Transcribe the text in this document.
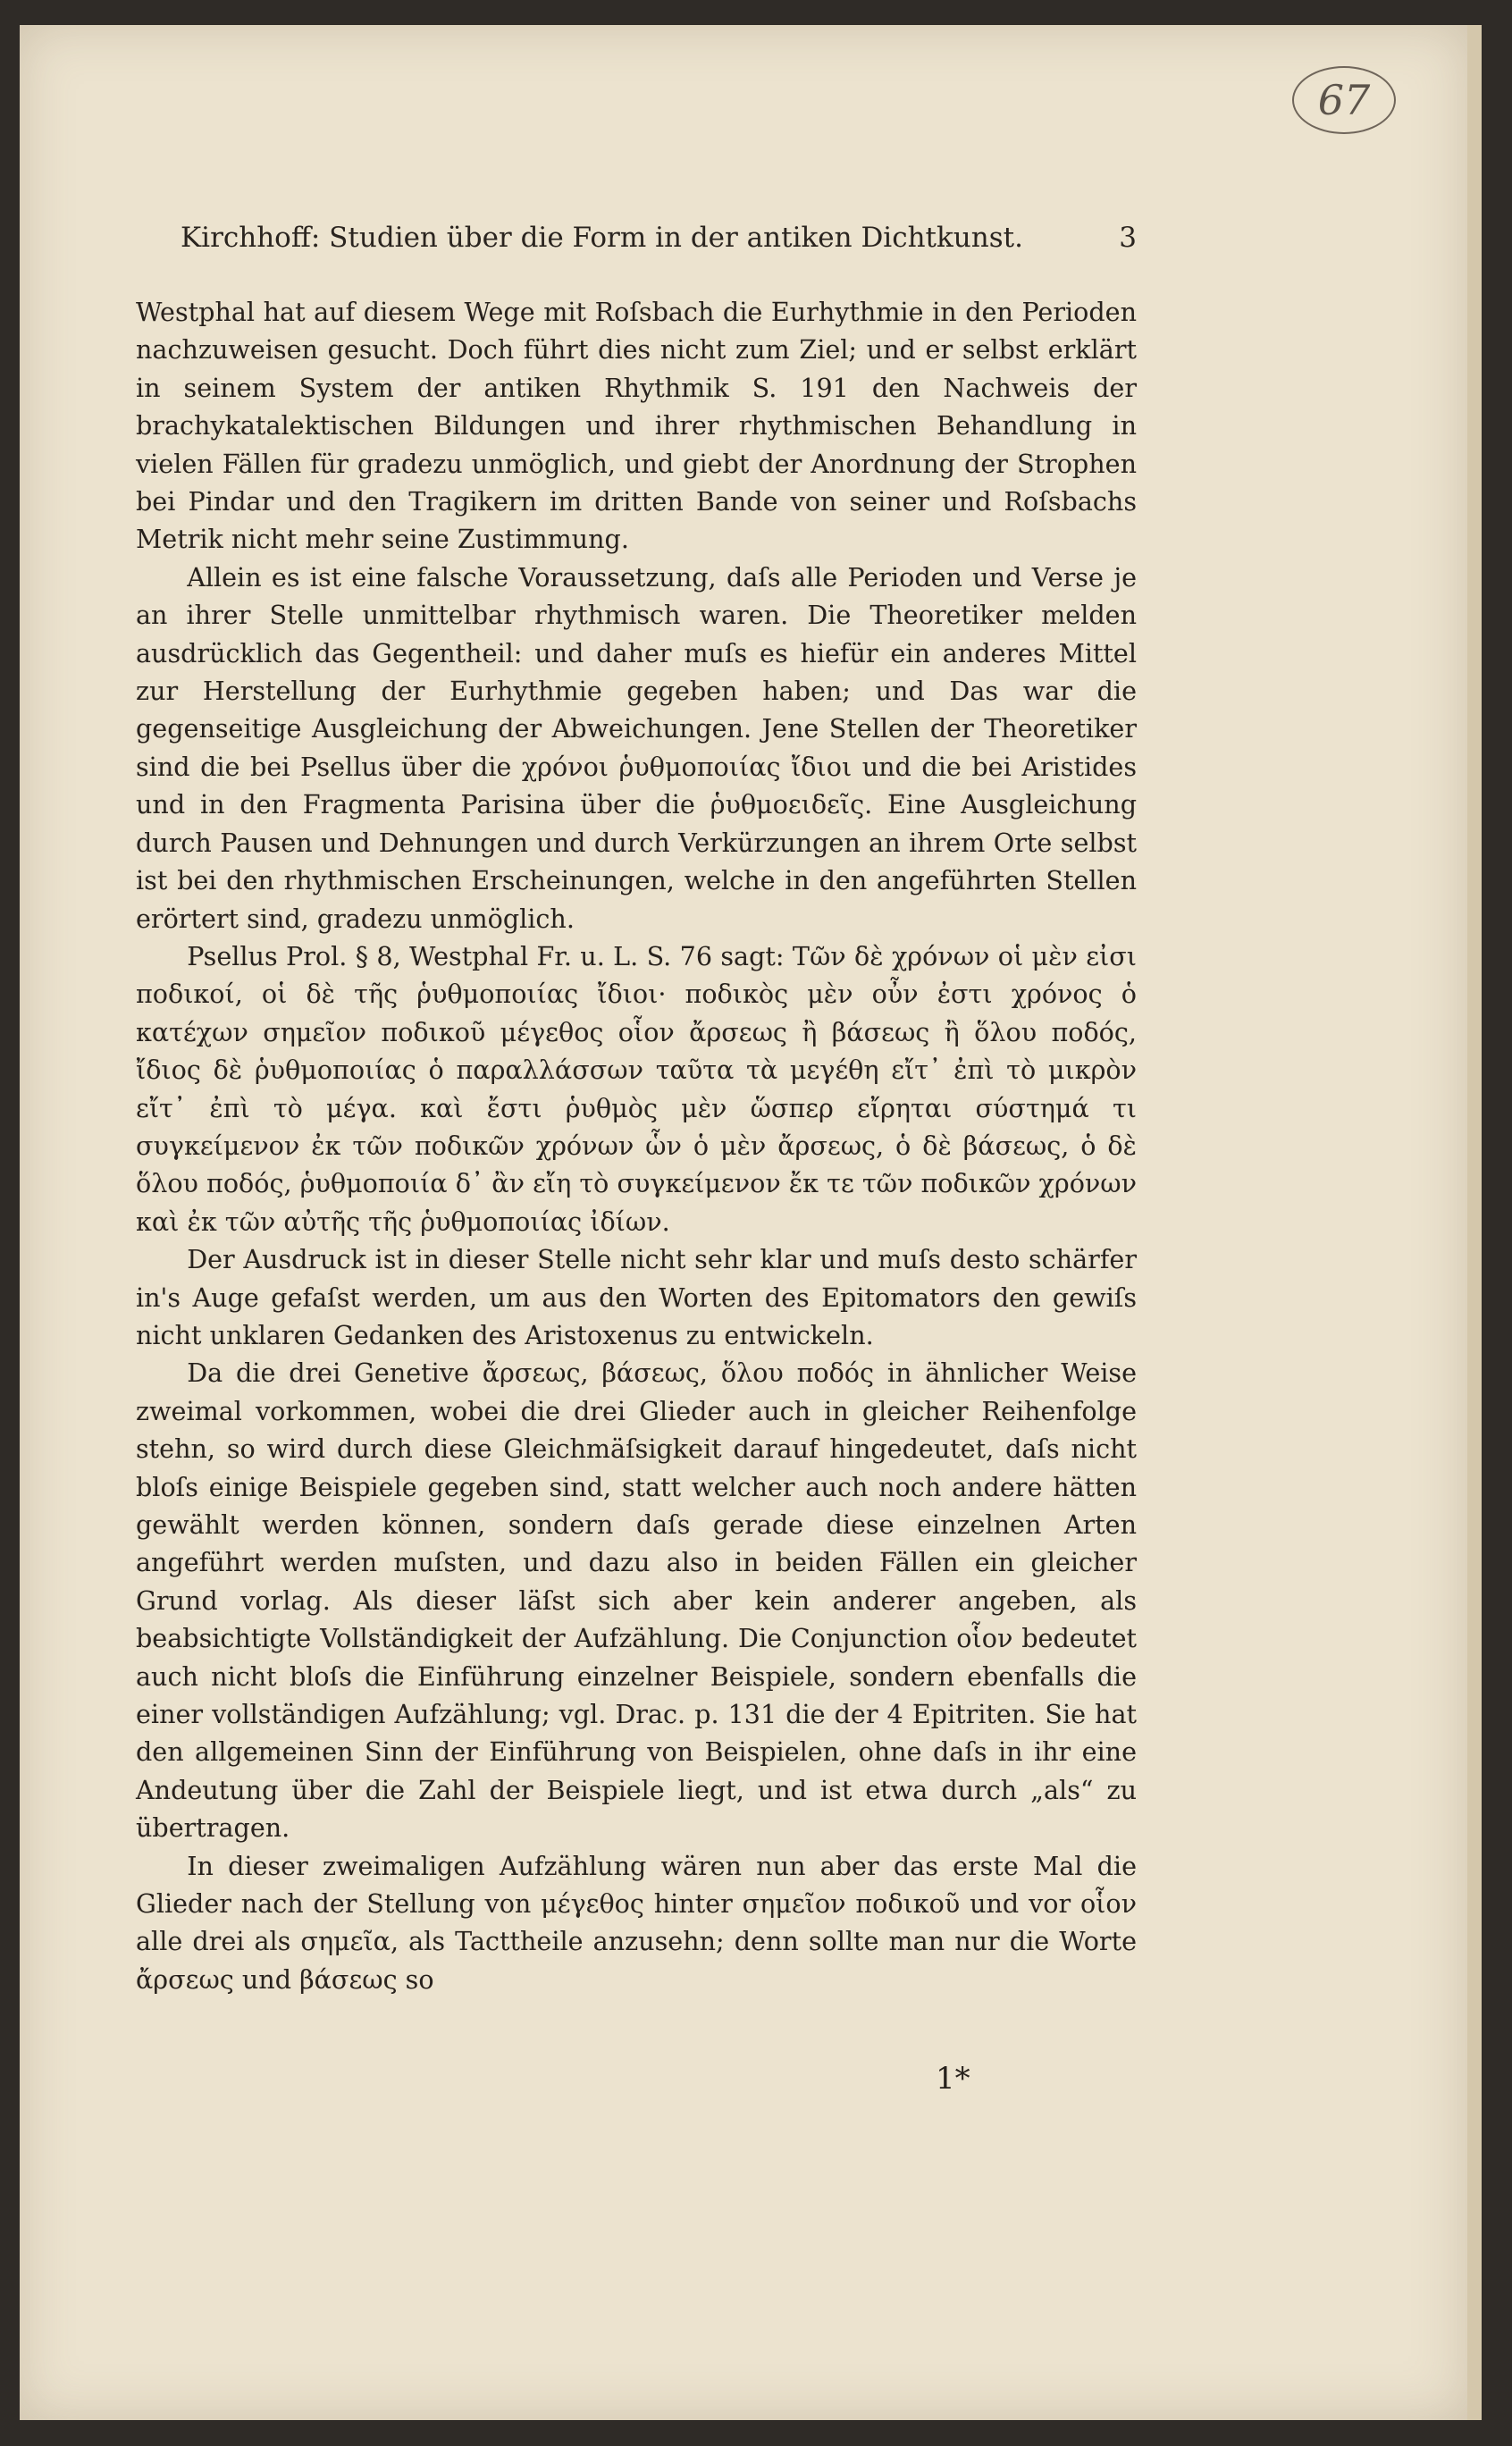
67
Kirchhoff: Studien über die Form in der antiken Dichtkunst.	3

Westphal hat auf diesem Wege mit Roſsbach die Eurhythmie in den Perioden nachzuweisen gesucht. Doch führt dies nicht zum Ziel; und er selbst erklärt in seinem System der antiken Rhythmik S. 191 den Nachweis der brachykatalektischen Bildungen und ihrer rhythmischen Behandlung in vielen Fällen für gradezu unmöglich, und giebt der Anordnung der Strophen bei Pindar und den Tragikern im dritten Bande von seiner und Roſsbachs Metrik nicht mehr seine Zustimmung.

Allein es ist eine falsche Voraussetzung, daſs alle Perioden und Verse je an ihrer Stelle unmittelbar rhythmisch waren. Die Theoretiker melden ausdrücklich das Gegentheil: und daher muſs es hiefür ein anderes Mittel zur Herstellung der Eurhythmie gegeben haben; und Das war die gegenseitige Ausgleichung der Abweichungen. Jene Stellen der Theoretiker sind die bei Psellus über die χρόνοι ῥυθμοποιίας ἴδιοι und die bei Aristides und in den Fragmenta Parisina über die ῥυθμοειδεῖς. Eine Ausgleichung durch Pausen und Dehnungen und durch Verkürzungen an ihrem Orte selbst ist bei den rhythmischen Erscheinungen, welche in den angeführten Stellen erörtert sind, gradezu unmöglich.

Psellus Prol. § 8, Westphal Fr. u. L. S. 76 sagt: Τῶν δὲ χρόνων οἱ μὲν εἰσι ποδικοί, οἱ δὲ τῆς ῥυθμοποιίας ἴδιοι· ποδικὸς μὲν οὖν ἐστι χρόνος ὁ κατέχων σημεῖον ποδικοῦ μέγεθος οἷον ἄρσεως ἢ βάσεως ἢ ὅλου ποδός, ἴδιος δὲ ῥυθμοποιίας ὁ παραλλάσσων ταῦτα τὰ μεγέθη εἴτ᾽ ἐπὶ τὸ μικρὸν εἴτ᾽ ἐπὶ τὸ μέγα. καὶ ἔστι ῥυθμὸς μὲν ὥσπερ εἴρηται σύστημά τι συγκείμενον ἐκ τῶν ποδικῶν χρόνων ὧν ὁ μὲν ἄρσεως, ὁ δὲ βάσεως, ὁ δὲ ὅλου ποδός, ῥυθμοποιία δ᾽ ἂν εἴη τὸ συγκείμενον ἔκ τε τῶν ποδικῶν χρόνων καὶ ἐκ τῶν αὐτῆς τῆς ῥυθμοποιίας ἰδίων.

Der Ausdruck ist in dieser Stelle nicht sehr klar und muſs desto schärfer in's Auge gefaſst werden, um aus den Worten des Epitomators den gewiſs nicht unklaren Gedanken des Aristoxenus zu entwickeln.

Da die drei Genetive ἄρσεως, βάσεως, ὅλου ποδός in ähnlicher Weise zweimal vorkommen, wobei die drei Glieder auch in gleicher Reihenfolge stehn, so wird durch diese Gleichmäſsigkeit darauf hingedeutet, daſs nicht bloſs einige Beispiele gegeben sind, statt welcher auch noch andere hätten gewählt werden können, sondern daſs gerade diese einzelnen Arten angeführt werden muſsten, und dazu also in beiden Fällen ein gleicher Grund vorlag. Als dieser läſst sich aber kein anderer angeben, als beabsichtigte Vollständigkeit der Aufzählung. Die Conjunction οἷον bedeutet auch nicht bloſs die Einführung einzelner Beispiele, sondern ebenfalls die einer vollständigen Aufzählung; vgl. Drac. p. 131 die der 4 Epitriten. Sie hat den allgemeinen Sinn der Einführung von Beispielen, ohne daſs in ihr eine Andeutung über die Zahl der Beispiele liegt, und ist etwa durch „als“ zu übertragen.

In dieser zweimaligen Aufzählung wären nun aber das erste Mal die Glieder nach der Stellung von μέγεθος hinter σημεῖον ποδικοῦ und vor οἷον alle drei als σημεῖα, als Tacttheile anzusehn; denn sollte man nur die Worte ἄρσεως und βάσεως so

1*
